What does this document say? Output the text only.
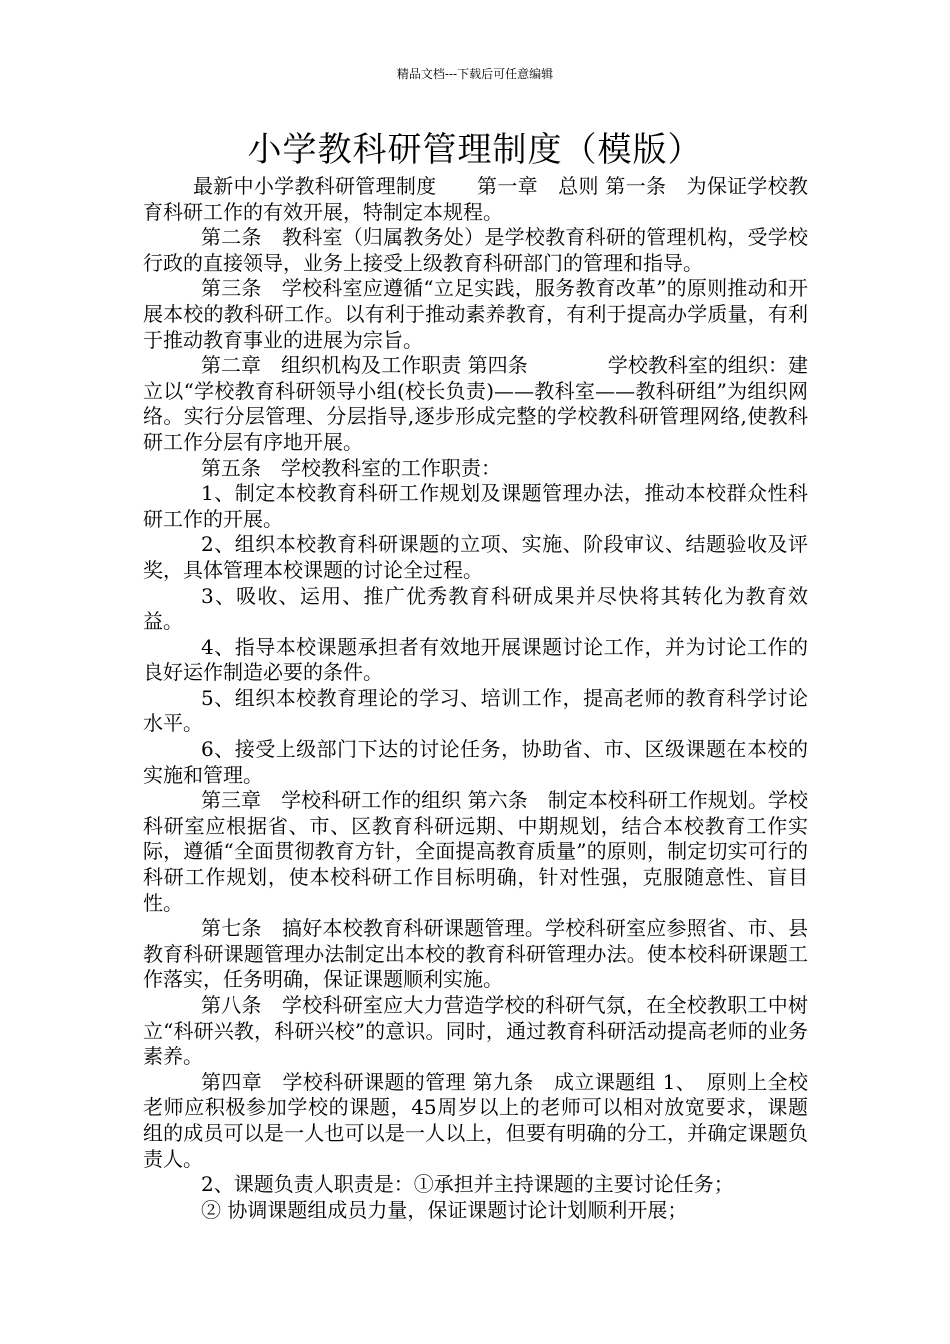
精品文档---下载后可任意编辑
小学教科研管理制度（模版）

最新中小学教科研管理制度　　第一章　总则 第一条　为保证学校教育科研工作的有效开展，特制定本规程。

第二条　教科室（归属教务处）是学校教育科研的管理机构，受学校行政的直接领导，业务上接受上级教育科研部门的管理和指导。

第三条　学校科室应遵循“立足实践，服务教育改革”的原则推动和开展本校的教科研工作。以有利于推动素养教育，有利于提高办学质量，有利于推动教育事业的进展为宗旨。

第二章　组织机构及工作职责 第四条　　　　学校教科室的组织：建立以“学校教育科研领导小组(校长负责)——教科室——教科研组”为组织网络。实行分层管理、分层指导,逐步形成完整的学校教科研管理网络,使教科研工作分层有序地开展。

第五条　学校教科室的工作职责：

1、制定本校教育科研工作规划及课题管理办法，推动本校群众性科研工作的开展。

2、组织本校教育科研课题的立项、实施、阶段审议、结题验收及评奖，具体管理本校课题的讨论全过程。

3、吸收、运用、推广优秀教育科研成果并尽快将其转化为教育效益。

4、指导本校课题承担者有效地开展课题讨论工作，并为讨论工作的良好运作制造必要的条件。

5、组织本校教育理论的学习、培训工作，提高老师的教育科学讨论水平。

6、接受上级部门下达的讨论任务，协助省、市、区级课题在本校的实施和管理。

第三章　学校科研工作的组织 第六条　制定本校科研工作规划。学校科研室应根据省、市、区教育科研远期、中期规划，结合本校教育工作实际，遵循“全面贯彻教育方针，全面提高教育质量”的原则，制定切实可行的科研工作规划，使本校科研工作目标明确，针对性强，克服随意性、盲目性。

第七条　搞好本校教育科研课题管理。学校科研室应参照省、市、县教育科研课题管理办法制定出本校的教育科研管理办法。使本校科研课题工作落实，任务明确，保证课题顺利实施。

第八条　学校科研室应大力营造学校的科研气氛，在全校教职工中树立“科研兴教，科研兴校”的意识。同时，通过教育科研活动提高老师的业务素养。

第四章　学校科研课题的管理 第九条　成立课题组 1、　原则上全校老师应积极参加学校的课题，45周岁以上的老师可以相对放宽要求，课题组的成员可以是一人也可以是一人以上，但要有明确的分工，并确定课题负责人。

2、课题负责人职责是：①承担并主持课题的主要讨论任务；

② 协调课题组成员力量，保证课题讨论计划顺利开展；
